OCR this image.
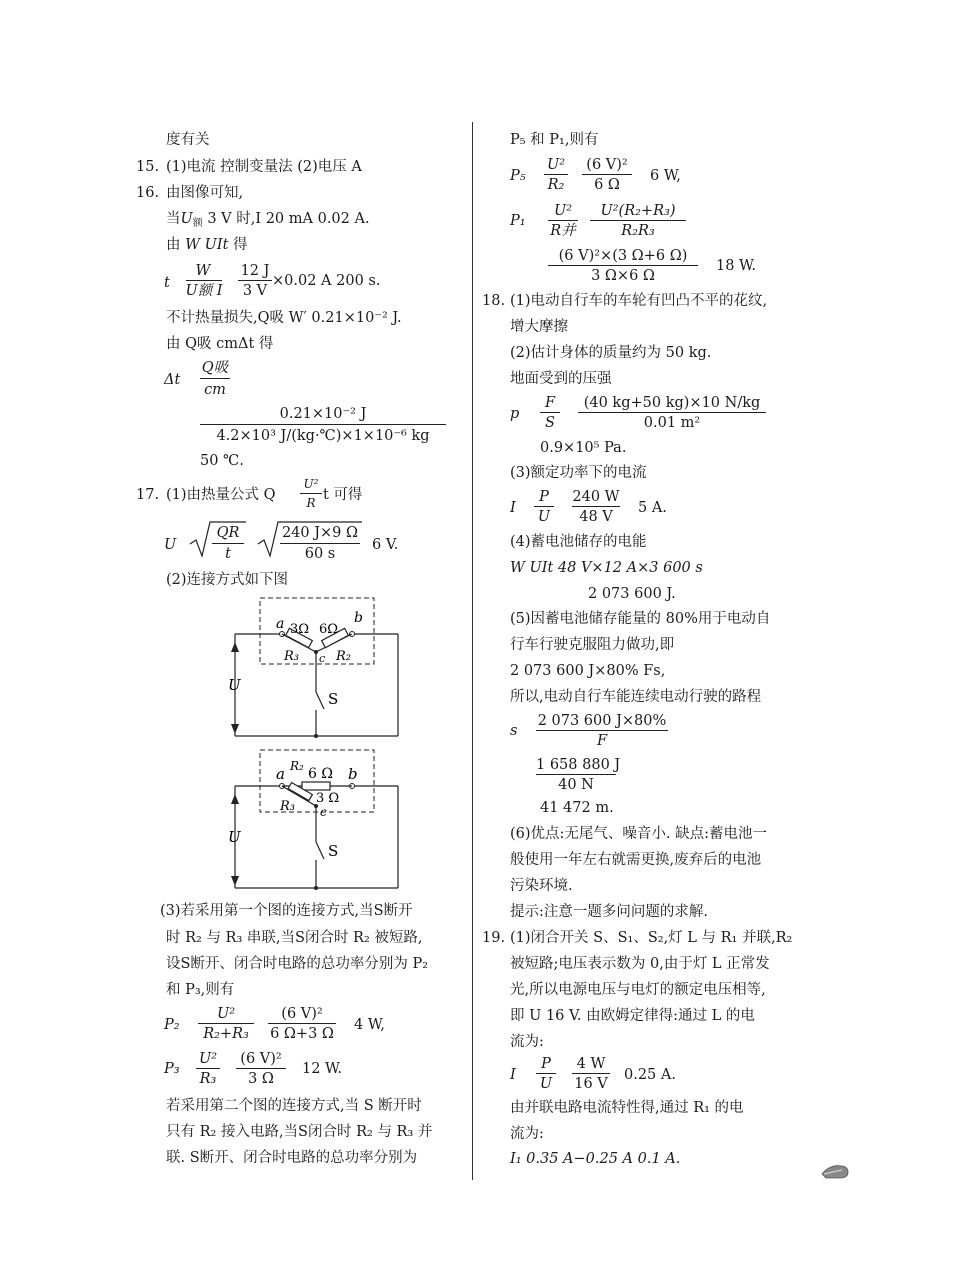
度有关
15. (1)电流 控制变量法 (2)电压 A
16. 由图像可知,
当$U_额$ 3 V 时,I 20 mA 0.02 A.
由 W UIt 得
t
W
U额 I
12 J
3 V
×0.02 A 200 s.
不计热量损失,Q吸 W′ 0.21×10⁻² J.
由 Q吸 cmΔt 得
Δt
Q吸
cm
0.21×10⁻² J
4.2×10³ J/(kg·℃)×1×10⁻⁶ kg
50 ℃.
17. (1)由热量公式 Q
U²
R t 可得
U
QR
t
240 J×9 Ω
60 s
6 V.
(2)连接方式如下图
a	b
3Ω 6Ω
R₃	R₂
c
U
S
a	b
R₂ 6 Ω
R₃
3 Ω
c
U
S
(3)若采用第一个图的连接方式,当S断开
时 R₂ 与 R₃ 串联,当S闭合时 R₂ 被短路,
设S断开、闭合时电路的总功率分别为 P₂
和 P₃,则有
P₂
U²
R₂+R₃
(6 V)²
6 Ω+3 Ω
4 W,
P₃
U²
R₃
(6 V)²
3 Ω
12 W.
若采用第二个图的连接方式,当 S 断开时
只有 R₂ 接入电路,当S闭合时 R₂ 与 R₃ 并
联. S断开、闭合时电路的总功率分别为
P₅ 和 P₁,则有
P₅
U²
R₂
(6 V)²
6 Ω
6 W,
P₁
U²
R并
U²(R₂+R₃)
R₂R₃
(6 V)²×(3 Ω+6 Ω)
3 Ω×6 Ω
18 W.
18. (1)电动自行车的车轮有凹凸不平的花纹,
增大摩擦
(2)估计身体的质量约为 50 kg.
地面受到的压强
p
F
S
(40 kg+50 kg)×10 N/kg
0.01 m²
0.9×10⁵ Pa.
(3)额定功率下的电流
I
P
U
240 W
48 V
5 A.
(4)蓄电池储存的电能
W UIt 48 V×12 A×3 600 s
2 073 600 J.
(5)因蓄电池储存能量的 80%用于电动自
行车行驶克服阻力做功,即
2 073 600 J×80% Fs,
所以,电动自行车能连续电动行驶的路程
s
2 073 600 J×80%
F
1 658 880 J
40 N
41 472 m.
(6)优点:无尾气、噪音小. 缺点:蓄电池一
般使用一年左右就需更换,废弃后的电池
污染环境.
提示:注意一题多问问题的求解.
19. (1)闭合开关 S、S₁、S₂,灯 L 与 R₁ 并联,R₂
被短路;电压表示数为 0,由于灯 L 正常发
光,所以电源电压与电灯的额定电压相等,
即 U 16 V. 由欧姆定律得:通过 L 的电
流为:
I
P
U
4 W
16 V
0.25 A.
由并联电路电流特性得,通过 R₁ 的电
流为:
I₁ 0.35 A−0.25 A 0.1 A.
